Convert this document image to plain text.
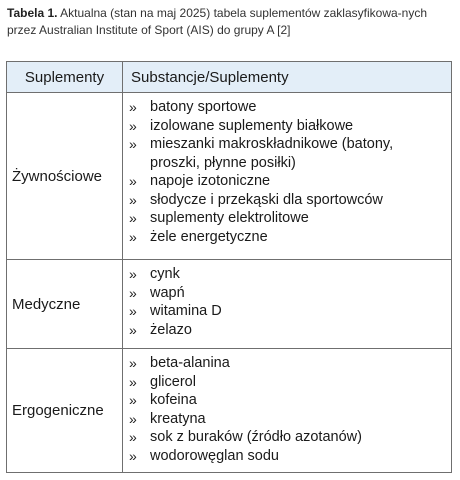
Tabela 1. Aktualna (stan na maj 2025) tabela suplementów zaklasyfikowa-nych przez Australian Institute of Sport (AIS) do grupy A [2]
Suplementy	Substancje/Suplementy
Żywnościowe
» batony sportowe
» izolowane suplementy białkowe
» mieszanki makroskładnikowe (batony, proszki, płynne posiłki)
» napoje izotoniczne
» słodycze i przekąski dla sportowców
» suplementy elektrolitowe
» żele energetyczne
Medyczne
» cynk
» wapń
» witamina D
» żelazo
Ergogeniczne
» beta-alanina
» glicerol
» kofeina
» kreatyna
» sok z buraków (źródło azotanów)
» wodorowęglan sodu
